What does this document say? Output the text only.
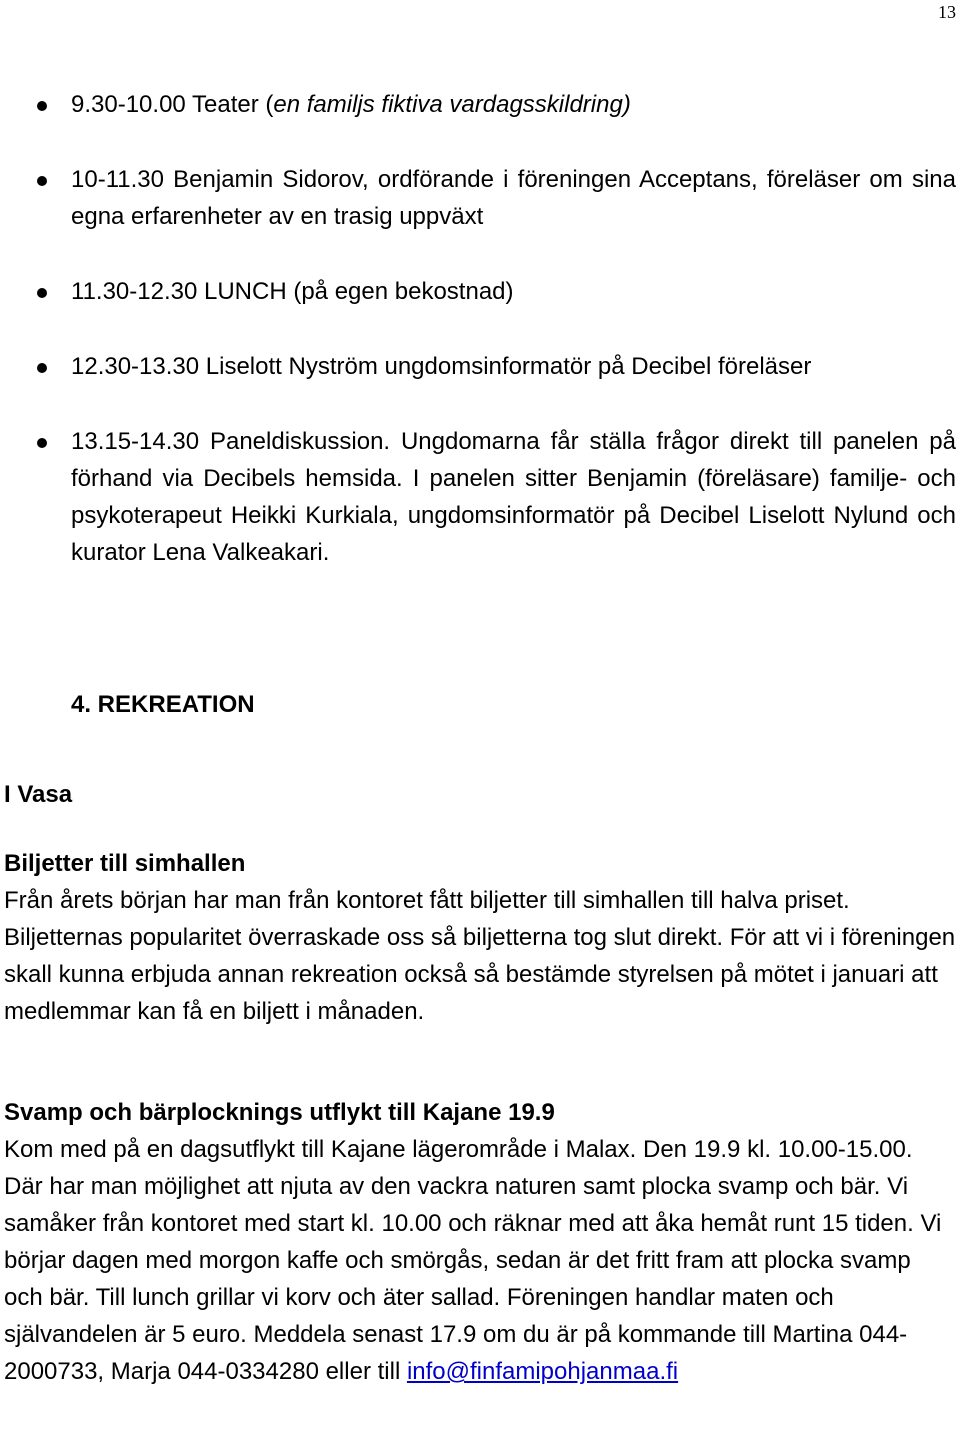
13
9.30-10.00 Teater (en familjs fiktiva vardagsskildring)
10-11.30 Benjamin Sidorov, ordförande i föreningen Acceptans, föreläser om sina egna erfarenheter av en trasig uppväxt
11.30-12.30 LUNCH (på egen bekostnad)
12.30-13.30 Liselott Nyström ungdomsinformatör på Decibel föreläser
13.15-14.30 Paneldiskussion. Ungdomarna får ställa frågor direkt till panelen på förhand via Decibels hemsida. I panelen sitter Benjamin (föreläsare) familje- och psykoterapeut Heikki Kurkiala, ungdomsinformatör på Decibel Liselott Nylund och kurator Lena Valkeakari.
4. REKREATION
I Vasa
Biljetter till simhallen
Från årets början har man från kontoret fått biljetter till simhallen till halva priset. Biljetternas popularitet överraskade oss så biljetterna tog slut direkt. För att vi i föreningen skall kunna erbjuda annan rekreation också så bestämde styrelsen på mötet i januari att medlemmar kan få en biljett i månaden.
Svamp och bärplocknings utflykt till Kajane 19.9
Kom med på en dagsutflykt till Kajane lägerområde i Malax. Den 19.9 kl. 10.00-15.00. Där har man möjlighet att njuta av den vackra naturen samt plocka svamp och bär. Vi samåker från kontoret med start kl. 10.00 och räknar med att åka hemåt runt 15 tiden. Vi börjar dagen med morgon kaffe och smörgås, sedan är det fritt fram att plocka svamp och bär. Till lunch grillar vi korv och äter sallad. Föreningen handlar maten och självandelen är 5 euro. Meddela senast 17.9 om du är på kommande till Martina 044-2000733, Marja 044-0334280 eller till info@finfamipohjanmaa.fi
